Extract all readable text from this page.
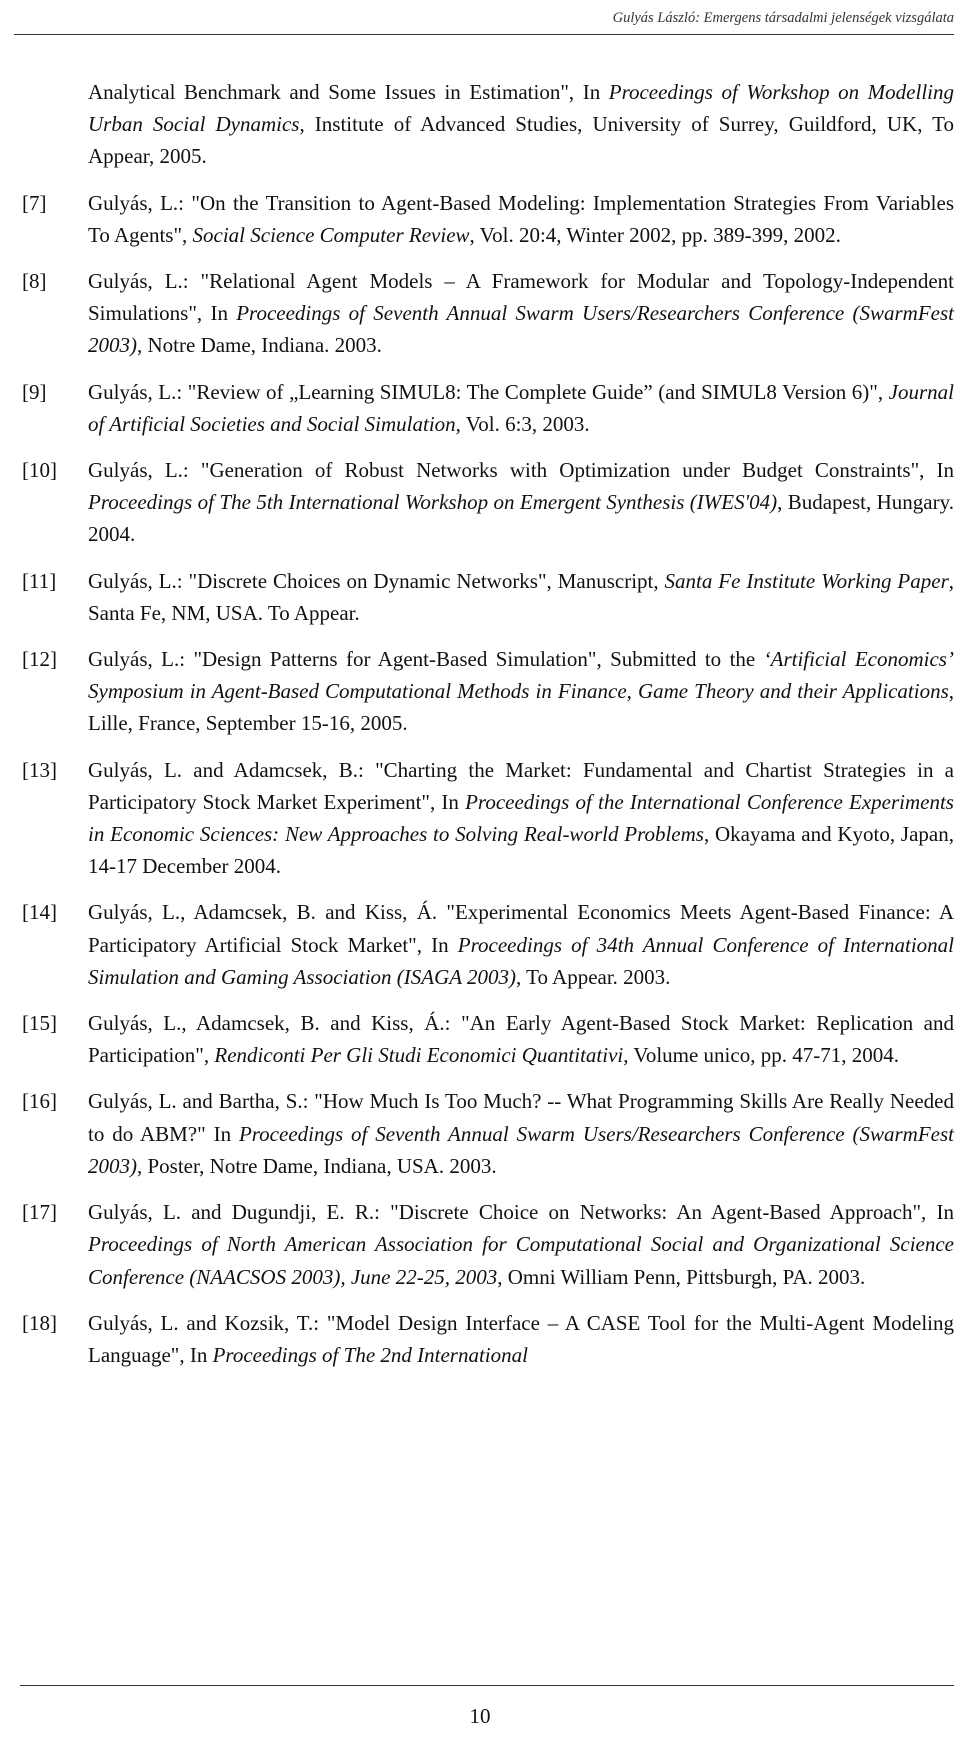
Gulyás László: Emergens társadalmi jelenségek vizsgálata
Analytical Benchmark and Some Issues in Estimation", In Proceedings of Workshop on Modelling Urban Social Dynamics, Institute of Advanced Studies, University of Surrey, Guildford, UK, To Appear, 2005.
[7] Gulyás, L.: "On the Transition to Agent-Based Modeling: Implementation Strategies From Variables To Agents", Social Science Computer Review, Vol. 20:4, Winter 2002, pp. 389-399, 2002.
[8] Gulyás, L.: "Relational Agent Models – A Framework for Modular and Topology-Independent Simulations", In Proceedings of Seventh Annual Swarm Users/Researchers Conference (SwarmFest 2003), Notre Dame, Indiana. 2003.
[9] Gulyás, L.: "Review of „Learning SIMUL8: The Complete Guide” (and SIMUL8 Version 6)", Journal of Artificial Societies and Social Simulation, Vol. 6:3, 2003.
[10] Gulyás, L.: "Generation of Robust Networks with Optimization under Budget Constraints", In Proceedings of The 5th International Workshop on Emergent Synthesis (IWES'04), Budapest, Hungary. 2004.
[11] Gulyás, L.: "Discrete Choices on Dynamic Networks", Manuscript, Santa Fe Institute Working Paper, Santa Fe, NM, USA. To Appear.
[12] Gulyás, L.: "Design Patterns for Agent-Based Simulation", Submitted to the ‘Artificial Economics’ Symposium in Agent-Based Computational Methods in Finance, Game Theory and their Applications, Lille, France, September 15-16, 2005.
[13] Gulyás, L. and Adamcsek, B.: "Charting the Market: Fundamental and Chartist Strategies in a Participatory Stock Market Experiment", In Proceedings of the International Conference Experiments in Economic Sciences: New Approaches to Solving Real-world Problems, Okayama and Kyoto, Japan, 14-17 December 2004.
[14] Gulyás, L., Adamcsek, B. and Kiss, Á. "Experimental Economics Meets Agent-Based Finance: A Participatory Artificial Stock Market", In Proceedings of 34th Annual Conference of International Simulation and Gaming Association (ISAGA 2003), To Appear. 2003.
[15] Gulyás, L., Adamcsek, B. and Kiss, Á.: "An Early Agent-Based Stock Market: Replication and Participation", Rendiconti Per Gli Studi Economici Quantitativi, Volume unico, pp. 47-71, 2004.
[16] Gulyás, L. and Bartha, S.: "How Much Is Too Much? -- What Programming Skills Are Really Needed to do ABM?" In Proceedings of Seventh Annual Swarm Users/Researchers Conference (SwarmFest 2003), Poster, Notre Dame, Indiana, USA. 2003.
[17] Gulyás, L. and Dugundji, E. R.: "Discrete Choice on Networks: An Agent-Based Approach", In Proceedings of North American Association for Computational Social and Organizational Science Conference (NAACSOS 2003), June 22-25, 2003, Omni William Penn, Pittsburgh, PA. 2003.
[18] Gulyás, L. and Kozsik, T.: "Model Design Interface – A CASE Tool for the Multi-Agent Modeling Language", In Proceedings of The 2nd International
10
